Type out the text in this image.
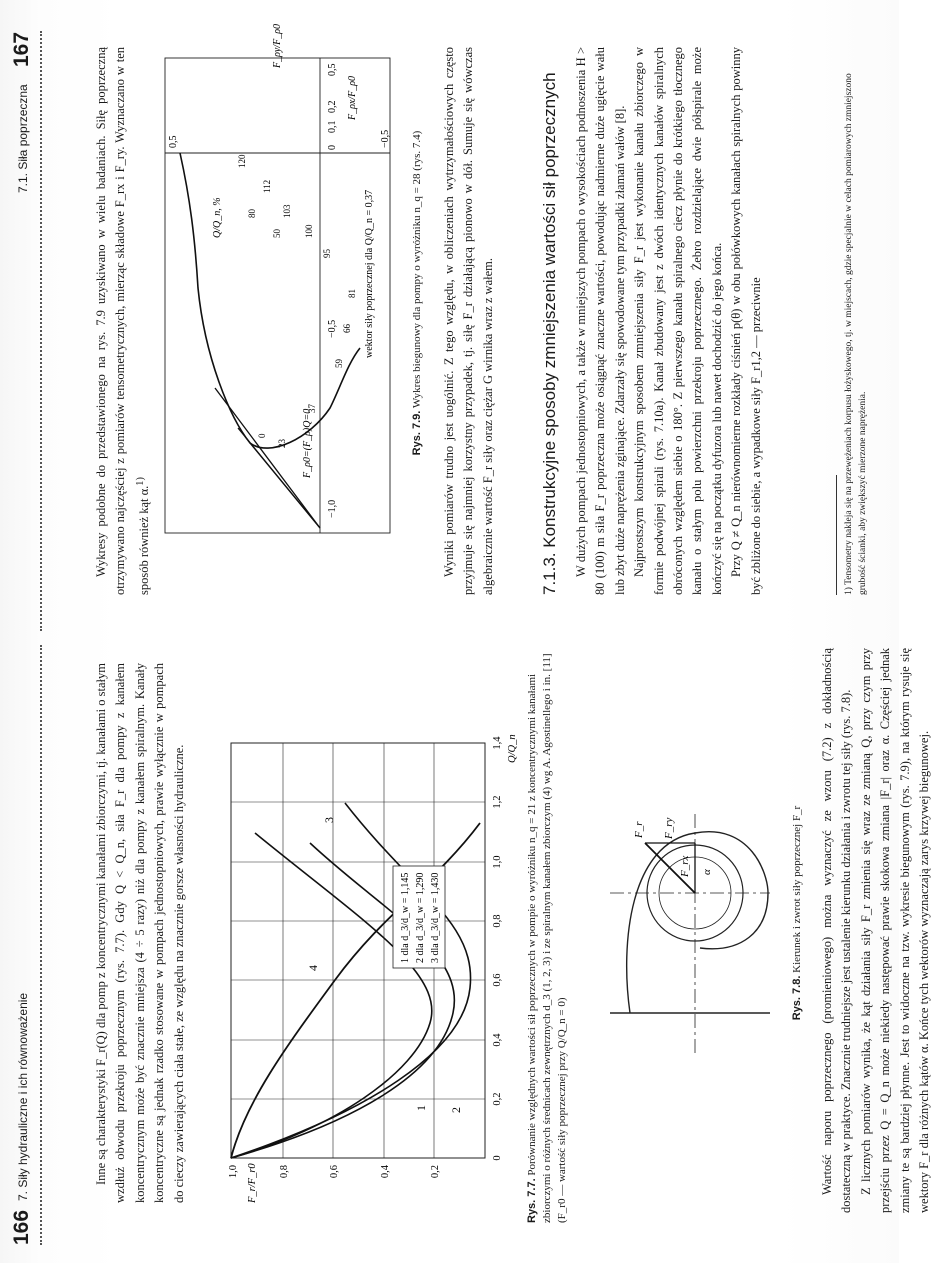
166
7. Siły hydrauliczne i ich równoważenie	Inne są charakterystyki F_r(Q) dla pomp z koncentrycznymi kanałami zbiorczymi, tj. kanałami o stałym wzdłuż obwodu przekroju poprzecznym (rys. 7.7). Gdy Q < Q_n, siła F_r dla pompy z kanałem koncentrycznym może być znacznie mniejsza (4 ÷ 5 razy) niż dla pompy z kanałem spiralnym. Kanały koncentryczne są jednak rzadko stosowane w pompach jednostopniowych, prawie wyłącznie w pompach do cieczy zawierających ciała stałe, ze względu na znacznie gorsze własności hydrauliczne.	1 2
3
4
1 dla d_3/d_w = 1,145 2 dla d_3/d_w = 1,290 3 dla d_3/d_w = 1,430
1,0	0,8	0,6	0,4	0,2
0
0,2
0,4
0,6
0,8
1,0
1,2
1,4
F_r/F_r0
Q/Q_n
Rys. 7.7. Porównanie względnych wartości sił poprzecznych w pompie o wyróżniku n_q = 21 z koncentrycznymi kanałami zbiorczymi o różnych średnicach zewnętrznych d_3 (1, 2, 3) i ze spiralnym kanałem zbiorczym (4) wg A. Agostinellego i in. [11] (F_r0 — wartość siły poprzecznej przy Q/Q_n = 0)
F_r
F_rx
F_ry
α
Rys. 7.8. Kierunek i zwrot siły poprzecznej F_r Wartość naporu poprzecznego (promieniowego) można wyznaczyć ze wzoru (7.2) z dokładnością dostateczną w praktyce. Znacznie trudniejsze jest ustalenie kierunku działania i zwrotu tej siły (rys. 7.8). Z licznych pomiarów wynika, że kąt działania siły F_r zmienia się wraz ze zmianą Q, przy czym przy przejściu przez Q = Q_n może niekiedy następować prawie skokowa zmiana |F_r| oraz α. Częściej jednak zmiany te są bardziej płynne. Jest to widoczne na tzw. wykresie biegunowym (rys. 7.9), na którym rysuje się wektory F_r dla różnych kątów α. Końce tych wektorów wyznaczają zarys krzywej biegunowej.

7.1. Siła poprzeczna
167	Wykresy podobne do przedstawionego na rys. 7.9 uzyskiwano w wielu badaniach. Siłę poprzeczną otrzymywano najczęściej z pomiarów tensometrycznych, mierząc składowe F_rx i F_ry. Wyznaczano w ten sposób również kąt α.$^{1)}$

0,5	−0,5
−1,0
−0,5
0
0,1
0,2
0,5
F_ρ0=(F_ρ)Q=0
F_ρx/F_ρ0
F_ρy/F_ρ0
wektor siły poprzecznej dla Q/Q_n = 0,37
Q/Q_n, %
0
23
37
59
66
81
95
100
103
112
120
80
50
Rys. 7.9. Wykres biegunowy dla pompy o wyróżniku n_q = 28 (rys. 7.4) Wyniki pomiarów trudno jest uogólnić. Z tego względu, w obliczeniach wytrzymałościowych często przyjmuje się najmniej korzystny przypadek, tj. siłę F_r działającą pionowo w dół. Sumuje się wówczas algebraicznie wartość F_r siły oraz ciężar G wirnika wraz z wałem.	7.1.3. Konstrukcyjne sposoby zmniejszenia wartości sił poprzecznych W dużych pompach jednostopniowych, a także w mniejszych pompach o wysokościach podnoszenia H > 80 (100) m siła F_r poprzeczna może osiągnąć znaczne wartości, powodując nadmierne duże ugięcie wału lub zbyt duże naprężenia zginające. Zdarzały się spowodowane tym przypadki złamań wałów [8]. Najprostszym konstrukcyjnym sposobem zmniejszenia siły F_r jest wykonanie kanału zbiorczego w formie podwójnej spirali (rys. 7.10a). Kanał zbudowany jest z dwóch identycznych kanałów spiralnych obróconych względem siebie o 180°. Z pierwszego kanału spiralnego ciecz płynie do krótkiego tłocznego kanału o stałym polu powierzchni przekroju poprzecznego. Żebro rozdzielające dwie półspirale może kończyć się na początku dyfuzora lub nawet dochodzić do jego końca. Przy Q ≠ Q_n nierównomierne rozkłady ciśnień p(θ) w obu połówkowych kanałach spiralnych powinny być zbliżone do siebie, a wypadkowe siły F_r1,2 — przeciwnie	1) Tensometry nakleja się na przewężeniach korpusu łożyskowego, tj. w miejscach, gdzie specjalnie w celach pomiarowych zmniejszono grubość ścianki, aby zwiększyć mierzone naprężenia.
